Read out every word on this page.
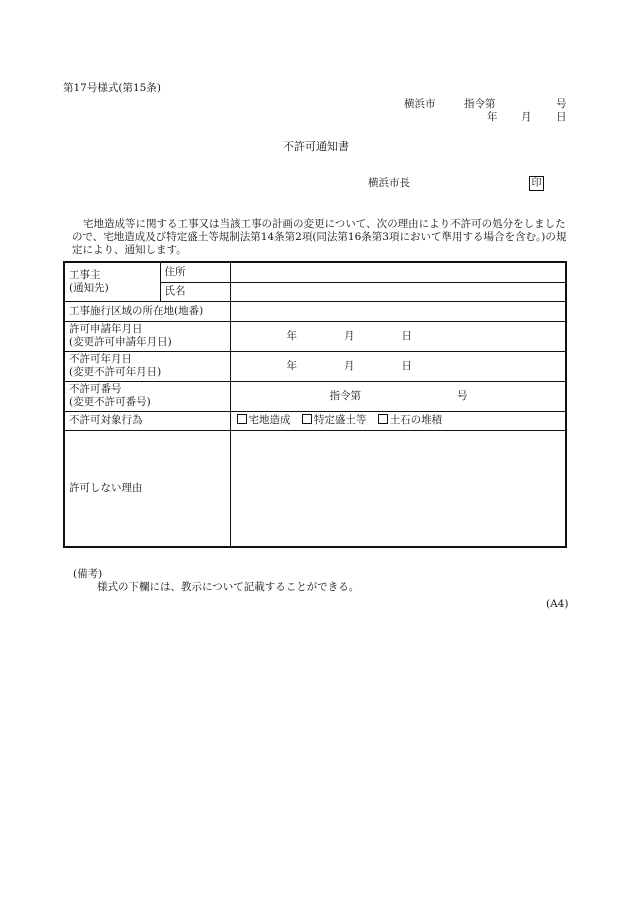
第17号様式(第15条)
横浜市	指令第	号
年 月 日
不許可通知書
横浜市長	印
宅地造成等に関する工事又は当該工事の計画の変更について、次の理由により不許可の処分をしましたので、宅地造成及び特定盛土等規制法第14条第2項(同法第16条第3項において準用する場合を含む。)の規定により、通知します。
工事主
(通知先)	住所	
	氏名	
工事施行区域の所在地(地番)		

許可申請年月日
(変更許可申請年月日)		年 月 日

不許可年月日
(変更不許可年月日)		年 月 日

不許可番号
(変更不許可番号)		指令第 号
不許可対象行為		宅地造成 特定盛土等 土石の堆積
許可しない理由		
(備考)
様式の下欄には、教示について記載することができる。
(A4)
